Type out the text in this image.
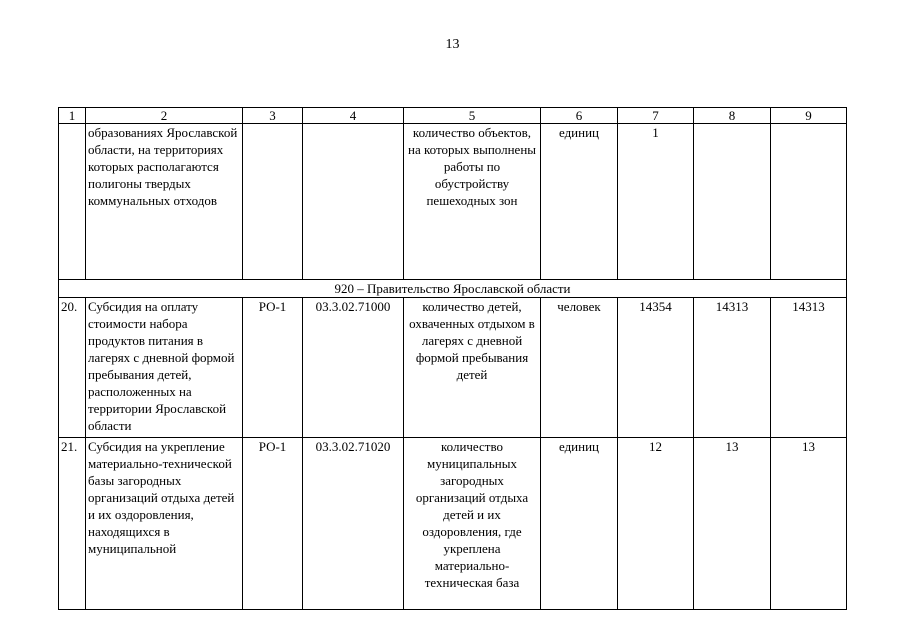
13
1	2	3	4	5	6	7	8	9
	образованиях Ярославской области, на территориях которых располагаются полигоны твердых коммунальных отходов			количество объектов, на которых выполнены работы по обустройству пешеходных зон	единиц	1		
920 – Правительство Ярославской области								
20.	Субсидия на оплату стоимости набора продуктов питания в лагерях с дневной формой пребывания детей, расположенных на территории Ярославской области	РО-1	03.3.02.71000	количество детей, охваченных отдыхом в лагерях с дневной формой пребывания детей	человек	14354	14313	14313
21.	Субсидия на укрепление материально-технической базы загородных организаций отдыха детей и их оздоровления, находящихся в муниципальной	РО-1	03.3.02.71020	количество муниципальных загородных организаций отдыха детей и их оздоровления, где укреплена материально-техническая база	единиц	12	13	13
